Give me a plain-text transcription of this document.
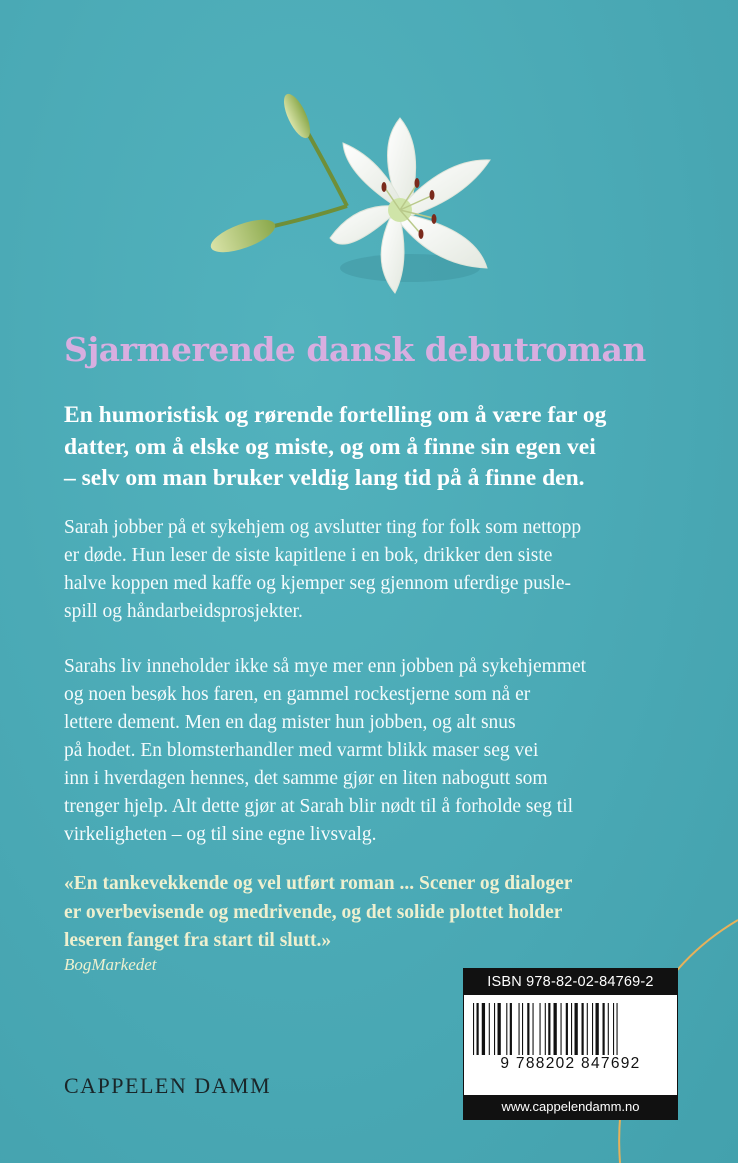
Sjarmerende dansk debutroman

En humoristisk og rørende fortelling om å være far og
datter, om å elske og miste, og om å finne sin egen vei
– selv om man bruker veldig lang tid på å finne den.

Sarah jobber på et sykehjem og avslutter ting for folk som nettopp
er døde. Hun leser de siste kapitlene i en bok, drikker den siste
halve koppen med kaffe og kjemper seg gjennom uferdige pusle-
spill og håndarbeidsprosjekter.

Sarahs liv inneholder ikke så mye mer enn jobben på sykehjemmet
og noen besøk hos faren, en gammel rockestjerne som nå er
lettere dement. Men en dag mister hun jobben, og alt snus
på hodet. En blomsterhandler med varmt blikk maser seg vei
inn i hverdagen hennes, det samme gjør en liten nabogutt som
trenger hjelp. Alt dette gjør at Sarah blir nødt til å forholde seg til
virkeligheten – og til sine egne livsvalg.

«En tankevekkende og vel utført roman ... Scener og dialoger
er overbevisende og medrivende, og det solide plottet holder
leseren fanget fra start til slutt.»

BogMarkedet

CAPPELEN DAMM

ISBN 978-82-02-84769-2
9 788202 847692
www.cappelendamm.no
